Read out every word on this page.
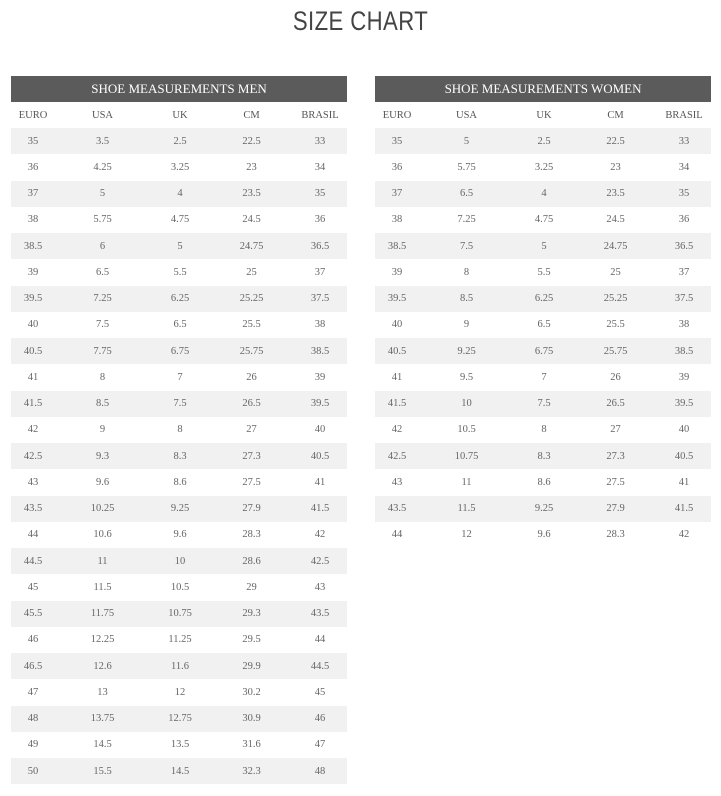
SIZE CHART
SHOE MEASUREMENTS MEN				
EURO	USA	UK	CM	BRASIL
35	3.5	2.5	22.5	33
36	4.25	3.25	23	34
37	5	4	23.5	35
38	5.75	4.75	24.5	36
38.5	6	5	24.75	36.5
39	6.5	5.5	25	37
39.5	7.25	6.25	25.25	37.5
40	7.5	6.5	25.5	38
40.5	7.75	6.75	25.75	38.5
41	8	7	26	39
41.5	8.5	7.5	26.5	39.5
42	9	8	27	40
42.5	9.3	8.3	27.3	40.5
43	9.6	8.6	27.5	41
43.5	10.25	9.25	27.9	41.5
44	10.6	9.6	28.3	42
44.5	11	10	28.6	42.5
45	11.5	10.5	29	43
45.5	11.75	10.75	29.3	43.5
46	12.25	11.25	29.5	44
46.5	12.6	11.6	29.9	44.5
47	13	12	30.2	45
48	13.75	12.75	30.9	46
49	14.5	13.5	31.6	47
50	15.5	14.5	32.3	48
SHOE MEASUREMENTS WOMEN				
EURO	USA	UK	CM	BRASIL
35	5	2.5	22.5	33
36	5.75	3.25	23	34
37	6.5	4	23.5	35
38	7.25	4.75	24.5	36
38.5	7.5	5	24.75	36.5
39	8	5.5	25	37
39.5	8.5	6.25	25.25	37.5
40	9	6.5	25.5	38
40.5	9.25	6.75	25.75	38.5
41	9.5	7	26	39
41.5	10	7.5	26.5	39.5
42	10.5	8	27	40
42.5	10.75	8.3	27.3	40.5
43	11	8.6	27.5	41
43.5	11.5	9.25	27.9	41.5
44	12	9.6	28.3	42
